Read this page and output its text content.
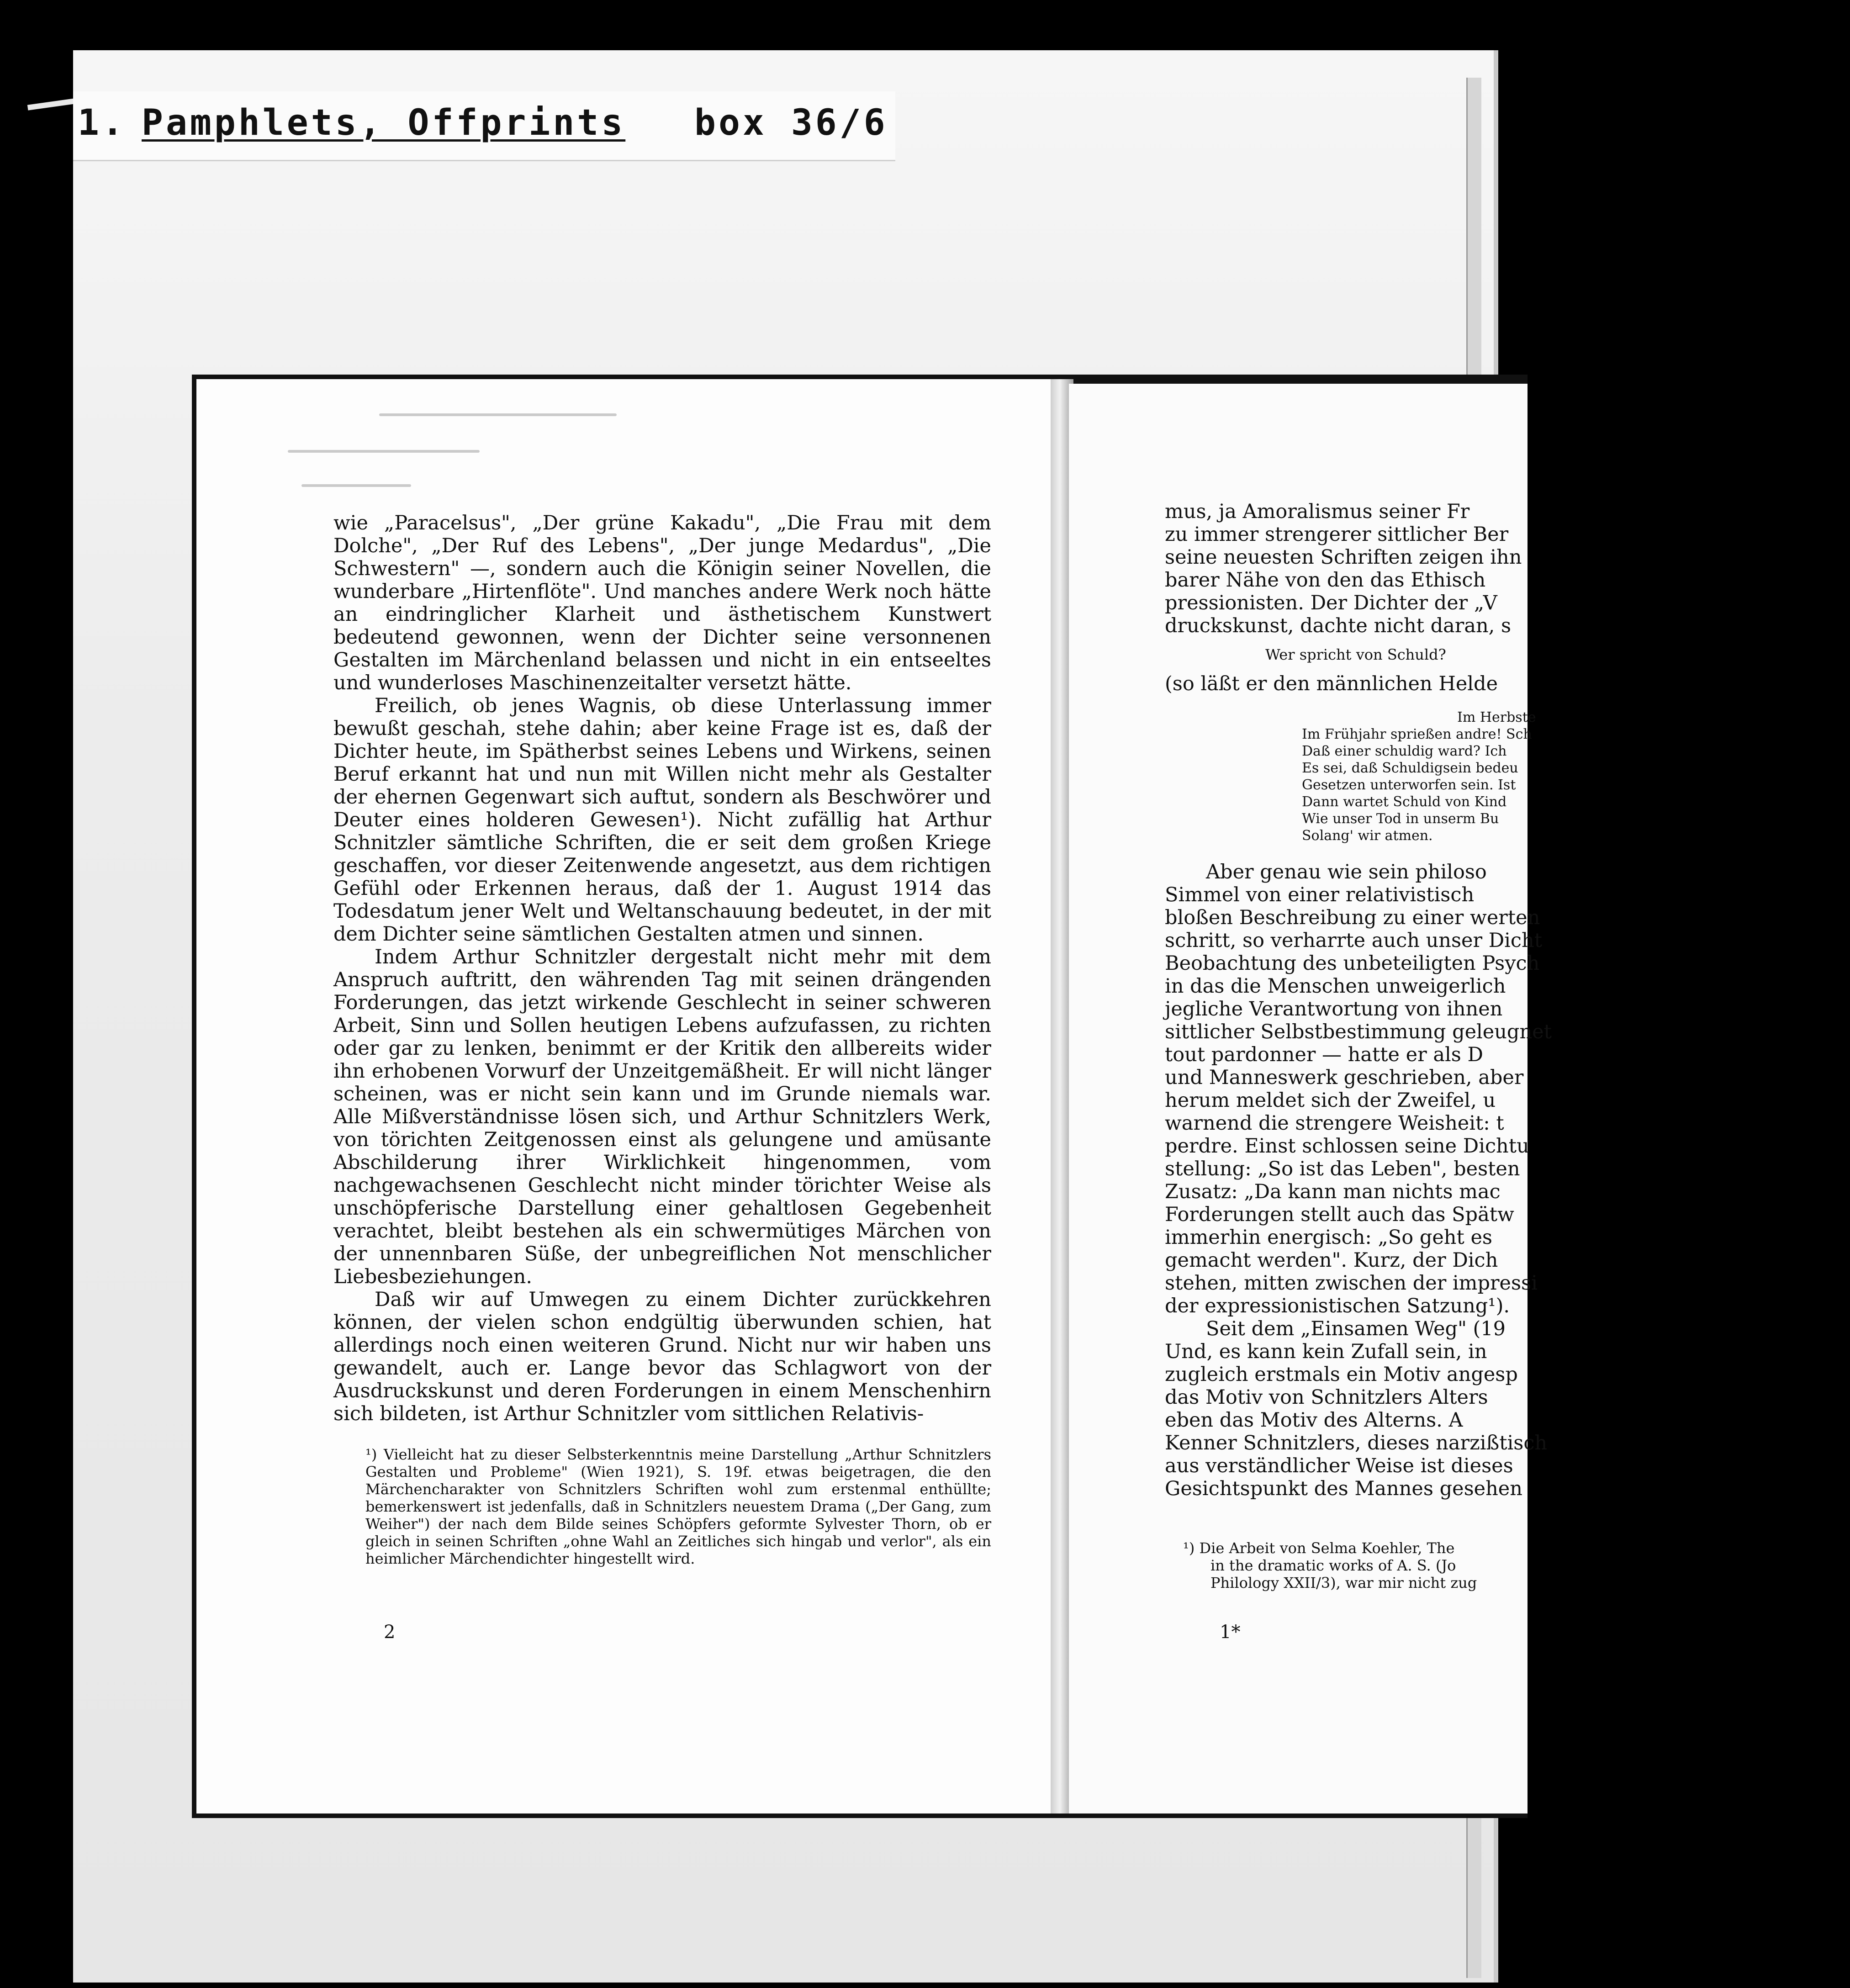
1. Pamphlets, Offprints box 36/6

wie „Paracelsus", „Der grüne Kakadu", „Die Frau mit dem Dolche", „Der Ruf des Lebens", „Der junge Medardus", „Die Schwestern" —, sondern auch die Königin seiner Novellen, die wunderbare „Hirtenflöte". Und manches andere Werk noch hätte an eindringlicher Klarheit und ästhetischem Kunstwert bedeutend gewonnen, wenn der Dichter seine versonnenen Gestalten im Märchenland belassen und nicht in ein entseeltes und wunderloses Maschinenzeitalter versetzt hätte.

Freilich, ob jenes Wagnis, ob diese Unterlassung immer bewußt geschah, stehe dahin; aber keine Frage ist es, daß der Dichter heute, im Spätherbst seines Lebens und Wirkens, seinen Beruf erkannt hat und nun mit Willen nicht mehr als Gestalter der ehernen Gegenwart sich auftut, sondern als Beschwörer und Deuter eines holderen Gewesen¹). Nicht zufällig hat Arthur Schnitzler sämtliche Schriften, die er seit dem großen Kriege geschaffen, vor dieser Zeitenwende angesetzt, aus dem richtigen Gefühl oder Erkennen heraus, daß der 1. August 1914 das Todesdatum jener Welt und Weltanschauung bedeutet, in der mit dem Dichter seine sämtlichen Gestalten atmen und sinnen.

Indem Arthur Schnitzler dergestalt nicht mehr mit dem Anspruch auftritt, den währenden Tag mit seinen drängenden Forderungen, das jetzt wirkende Geschlecht in seiner schweren Arbeit, Sinn und Sollen heutigen Lebens aufzufassen, zu richten oder gar zu lenken, benimmt er der Kritik den allbereits wider ihn erhobenen Vorwurf der Unzeitgemäßheit. Er will nicht länger scheinen, was er nicht sein kann und im Grunde niemals war. Alle Mißverständnisse lösen sich, und Arthur Schnitzlers Werk, von törichten Zeitgenossen einst als gelungene und amüsante Abschilderung ihrer Wirklichkeit hingenommen, vom nachgewachsenen Geschlecht nicht minder törichter Weise als unschöpferische Darstellung einer gehaltlosen Gegebenheit verachtet, bleibt bestehen als ein schwermütiges Märchen von der unnennbaren Süße, der unbegreiflichen Not menschlicher Liebesbeziehungen.

Daß wir auf Umwegen zu einem Dichter zurückkehren können, der vielen schon endgültig überwunden schien, hat allerdings noch einen weiteren Grund. Nicht nur wir haben uns gewandelt, auch er. Lange bevor das Schlagwort von der Ausdruckskunst und deren Forderungen in einem Menschenhirn sich bildeten, ist Arthur Schnitzler vom sittlichen Relativis-

¹) Vielleicht hat zu dieser Selbsterkenntnis meine Darstellung „Arthur Schnitzlers Gestalten und Probleme" (Wien 1921), S. 19f. etwas beigetragen, die den Märchencharakter von Schnitzlers Schriften wohl zum erstenmal enthüllte; bemerkenswert ist jedenfalls, daß in Schnitzlers neuestem Drama („Der Gang, zum Weiher") der nach dem Bilde seines Schöpfers geformte Sylvester Thorn, ob er gleich in seinen Schriften „ohne Wahl an Zeitliches sich hingab und verlor", als ein heimlicher Märchendichter hingestellt wird.
2
mus, ja Amoralismus seiner Fr
zu immer strengerer sittlicher Ber
seine neuesten Schriften zeigen ihn
barer Nähe von den das Ethisch
pressionisten. Der Dichter der „V
druckskunst, dachte nicht daran, s
Wer spricht von Schuld?
(so läßt er den männlichen Helde
Im Herbste
Im Frühjahr sprießen andre! Sch
Daß einer schuldig ward? Ich
Es sei, daß Schuldigsein bedeu
Gesetzen unterworfen sein. Ist
Dann wartet Schuld von Kind
Wie unser Tod in unserm Bu
Solang' wir atmen.
Aber genau wie sein philoso
Simmel von einer relativistisch
bloßen Beschreibung zu einer werten
schritt, so verharrte auch unser Dicht
Beobachtung des unbeteiligten Psych
in das die Menschen unweigerlich
jegliche Verantwortung von ihnen
sittlicher Selbstbestimmung geleugnet
tout pardonner — hatte er als D
und Manneswerk geschrieben, aber
herum meldet sich der Zweifel, u
warnend die strengere Weisheit: t
perdre. Einst schlossen seine Dichtu
stellung: „So ist das Leben", besten
Zusatz: „Da kann man nichts mac
Forderungen stellt auch das Spätw
immerhin energisch: „So geht es
gemacht werden". Kurz, der Dich
stehen, mitten zwischen der impressi
der expressionistischen Satzung¹).
Seit dem „Einsamen Weg" (19
Und, es kann kein Zufall sein, in
zugleich erstmals ein Motiv angesp
das Motiv von Schnitzlers Alters
eben das Motiv des Alterns. A
Kenner Schnitzlers, dieses narzißtisch
aus verständlicher Weise ist dieses
Gesichtspunkt des Mannes gesehen
¹) Die Arbeit von Selma Koehler, The
in the dramatic works of A. S. (Jo
Philology XXII/3), war mir nicht zug
1*
